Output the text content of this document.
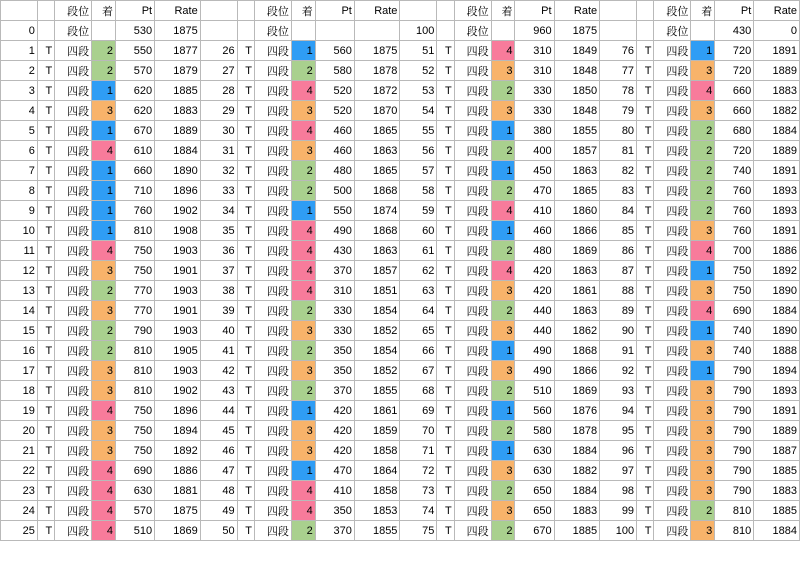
		段位	着	Pt	Rate			段位	着	Pt	Rate			段位	着	Pt	Rate			段位	着	Pt	Rate
0		段位		530	1875			段位				100		段位		960	1875			段位		430	0
1	T	四段	2	550	1877	26	T	四段	1	560	1875	51	T	四段	4	310	1849	76	T	四段	1	720	1891
2	T	四段	2	570	1879	27	T	四段	2	580	1878	52	T	四段	3	310	1848	77	T	四段	3	720	1889
3	T	四段	1	620	1885	28	T	四段	4	520	1872	53	T	四段	2	330	1850	78	T	四段	4	660	1883
4	T	四段	3	620	1883	29	T	四段	3	520	1870	54	T	四段	3	330	1848	79	T	四段	3	660	1882
5	T	四段	1	670	1889	30	T	四段	4	460	1865	55	T	四段	1	380	1855	80	T	四段	2	680	1884
6	T	四段	4	610	1884	31	T	四段	3	460	1863	56	T	四段	2	400	1857	81	T	四段	2	720	1889
7	T	四段	1	660	1890	32	T	四段	2	480	1865	57	T	四段	1	450	1863	82	T	四段	2	740	1891
8	T	四段	1	710	1896	33	T	四段	2	500	1868	58	T	四段	2	470	1865	83	T	四段	2	760	1893
9	T	四段	1	760	1902	34	T	四段	1	550	1874	59	T	四段	4	410	1860	84	T	四段	2	760	1893
10	T	四段	1	810	1908	35	T	四段	4	490	1868	60	T	四段	1	460	1866	85	T	四段	3	760	1891
11	T	四段	4	750	1903	36	T	四段	4	430	1863	61	T	四段	2	480	1869	86	T	四段	4	700	1886
12	T	四段	3	750	1901	37	T	四段	4	370	1857	62	T	四段	4	420	1863	87	T	四段	1	750	1892
13	T	四段	2	770	1903	38	T	四段	4	310	1851	63	T	四段	3	420	1861	88	T	四段	3	750	1890
14	T	四段	3	770	1901	39	T	四段	2	330	1854	64	T	四段	2	440	1863	89	T	四段	4	690	1884
15	T	四段	2	790	1903	40	T	四段	3	330	1852	65	T	四段	3	440	1862	90	T	四段	1	740	1890
16	T	四段	2	810	1905	41	T	四段	2	350	1854	66	T	四段	1	490	1868	91	T	四段	3	740	1888
17	T	四段	3	810	1903	42	T	四段	3	350	1852	67	T	四段	3	490	1866	92	T	四段	1	790	1894
18	T	四段	3	810	1902	43	T	四段	2	370	1855	68	T	四段	2	510	1869	93	T	四段	3	790	1893
19	T	四段	4	750	1896	44	T	四段	1	420	1861	69	T	四段	1	560	1876	94	T	四段	3	790	1891
20	T	四段	3	750	1894	45	T	四段	3	420	1859	70	T	四段	2	580	1878	95	T	四段	3	790	1889
21	T	四段	3	750	1892	46	T	四段	3	420	1858	71	T	四段	1	630	1884	96	T	四段	3	790	1887
22	T	四段	4	690	1886	47	T	四段	1	470	1864	72	T	四段	3	630	1882	97	T	四段	3	790	1885
23	T	四段	4	630	1881	48	T	四段	4	410	1858	73	T	四段	2	650	1884	98	T	四段	3	790	1883
24	T	四段	4	570	1875	49	T	四段	4	350	1853	74	T	四段	3	650	1883	99	T	四段	2	810	1885
25	T	四段	4	510	1869	50	T	四段	2	370	1855	75	T	四段	2	670	1885	100	T	四段	3	810	1884
